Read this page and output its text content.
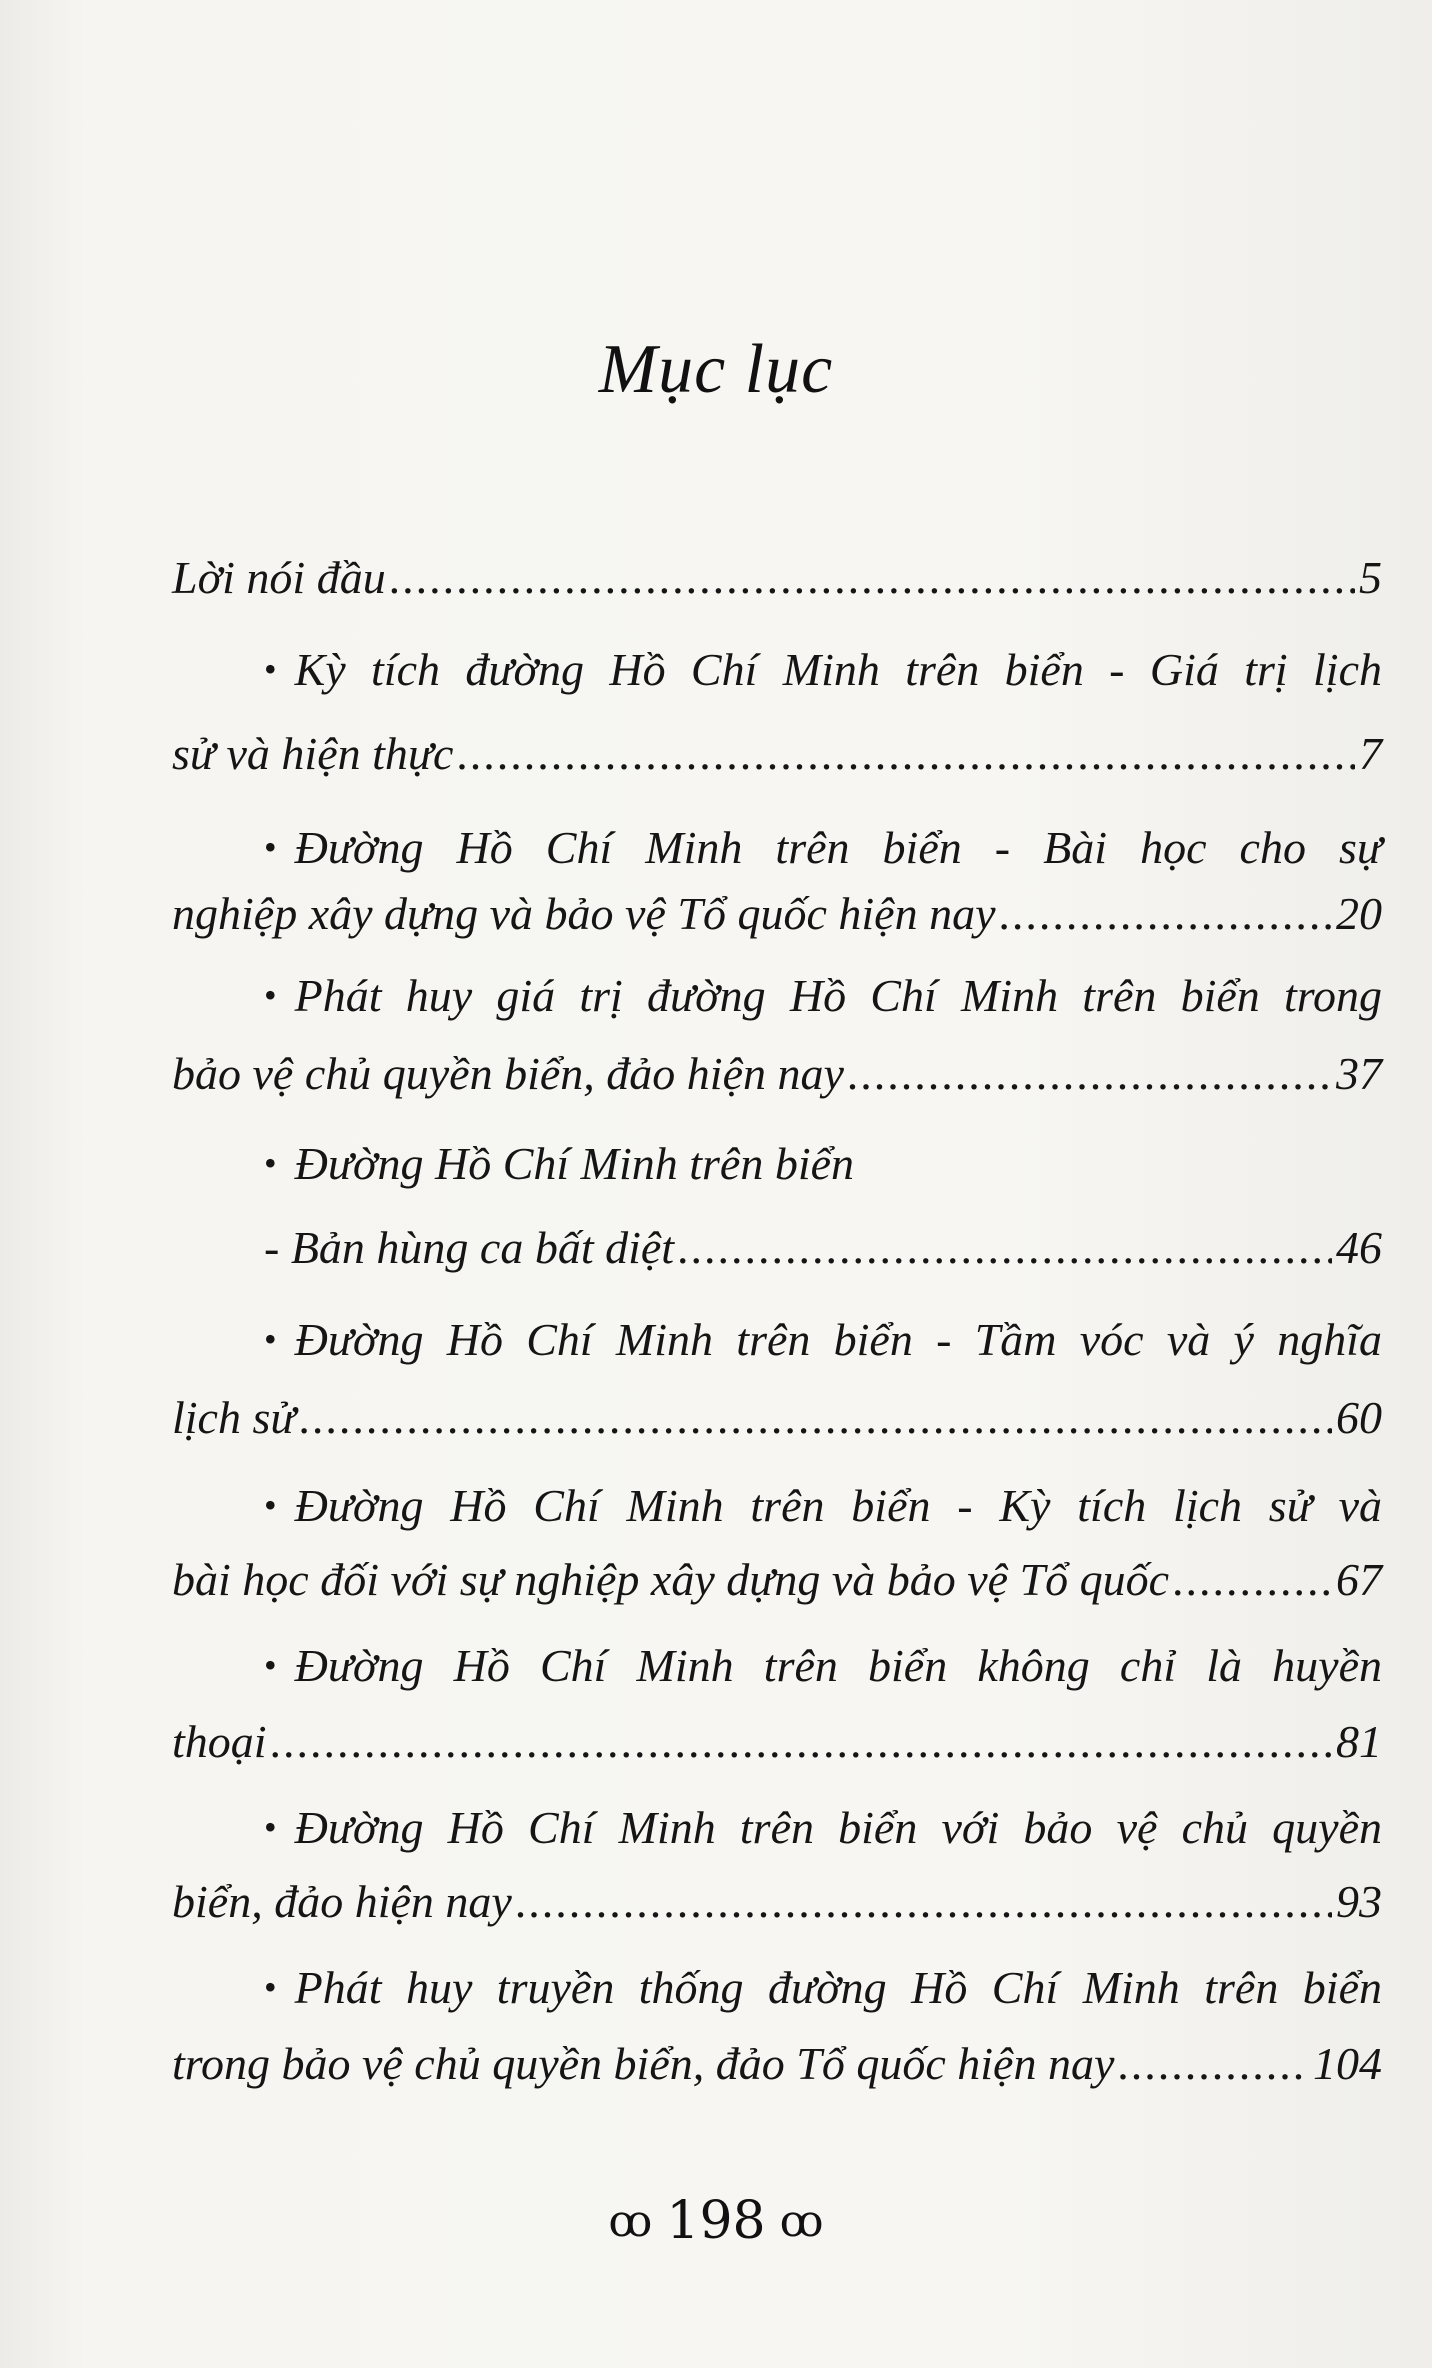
Mục lục
Lời nói đầu .....	5
• Kỳ tích đường Hồ Chí Minh trên biển - Giá trị lịch
sử và hiện thực .....	7
• Đường Hồ Chí Minh trên biển - Bài học cho sự
nghiệp xây dựng và bảo vệ Tổ quốc hiện nay .....	20
• Phát huy giá trị đường Hồ Chí Minh trên biển trong
bảo vệ chủ quyền biển, đảo hiện nay .....	37
• Đường Hồ Chí Minh trên biển
- Bản hùng ca bất diệt .....	46
• Đường Hồ Chí Minh trên biển - Tầm vóc và ý nghĩa
lịch sử .....	60
• Đường Hồ Chí Minh trên biển - Kỳ tích lịch sử và
bài học đối với sự nghiệp xây dựng và bảo vệ Tổ quốc .....	67
• Đường Hồ Chí Minh trên biển không chỉ là huyền
thoại .....	81
• Đường Hồ Chí Minh trên biển với bảo vệ chủ quyền
biển, đảo hiện nay .....	93
• Phát huy truyền thống đường Hồ Chí Minh trên biển
trong bảo vệ chủ quyền biển, đảo Tổ quốc hiện nay .....	104
ꝏ 198 ꝏ
